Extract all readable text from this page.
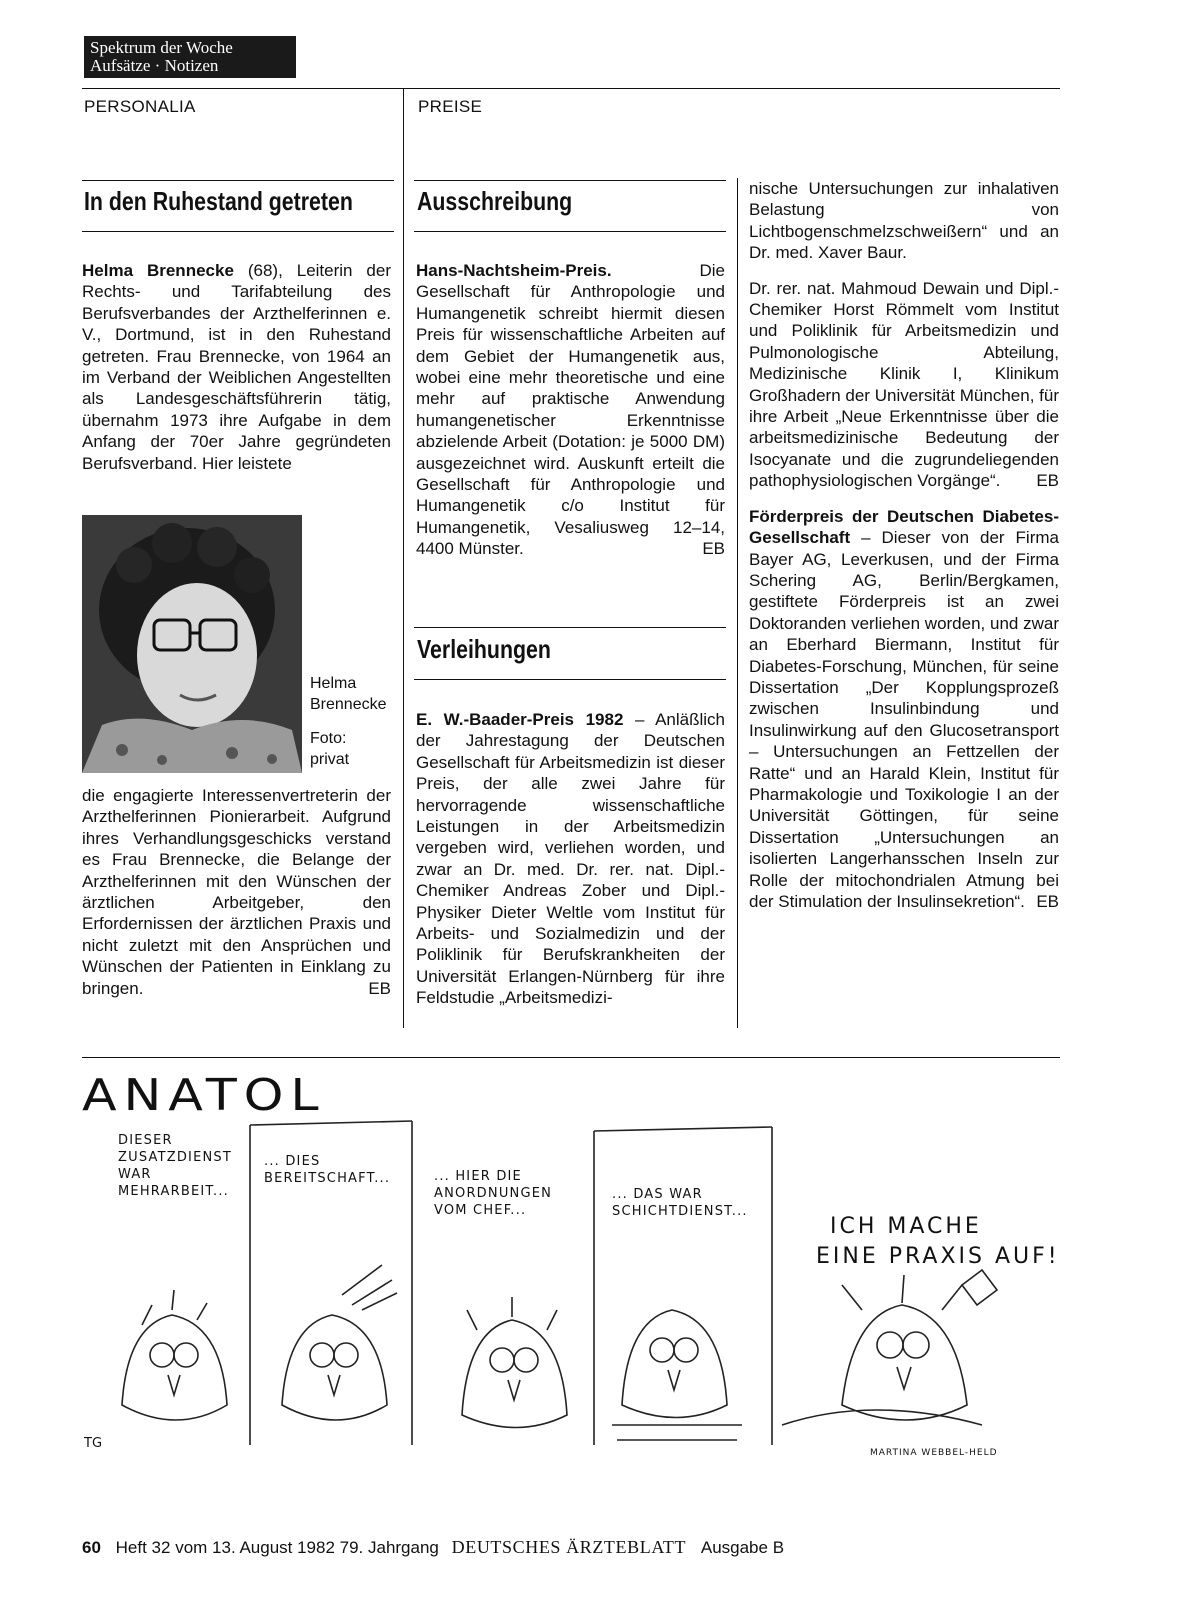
Spektrum der Woche
Aufsätze · Notizen
PERSONALIA	PREISE
In den Ruhestand getreten
Helma Brennecke (68), Leiterin der Rechts- und Tarifabteilung des Berufsverbandes der Arzthelferinnen e. V., Dortmund, ist in den Ruhestand getreten. Frau Brennecke, von 1964 an im Verband der Weiblichen Angestellten als Landesgeschäftsführerin tätig, übernahm 1973 ihre Aufgabe in dem Anfang der 70er Jahre gegründeten Berufsverband. Hier leistete
Helma
Brennecke
Foto:
privat
die engagierte Interessenvertreterin der Arzthelferinnen Pionierarbeit. Aufgrund ihres Verhandlungsgeschicks verstand es Frau Brennecke, die Belange der Arzthelferinnen mit den Wünschen der ärztlichen Arbeitgeber, den Erfordernissen der ärztlichen Praxis und nicht zuletzt mit den Ansprüchen und Wünschen der Patienten in Einklang zu bringen.	EB
Ausschreibung
Hans-Nachtsheim-Preis. Die Gesellschaft für Anthropologie und Humangenetik schreibt hiermit diesen Preis für wissenschaftliche Arbeiten auf dem Gebiet der Humangenetik aus, wobei eine mehr theoretische und eine mehr auf praktische Anwendung humangenetischer Erkenntnisse abzielende Arbeit (Dotation: je 5000 DM) ausgezeichnet wird. Auskunft erteilt die Gesellschaft für Anthropologie und Humangenetik c/o Institut für Humangenetik, Vesaliusweg 12–14, 4400 Münster.	EB
Verleihungen
E. W.-Baader-Preis 1982 – Anläßlich der Jahrestagung der Deutschen Gesellschaft für Arbeitsmedizin ist dieser Preis, der alle zwei Jahre für hervorragende wissenschaftliche Leistungen in der Arbeitsmedizin vergeben wird, verliehen worden, und zwar an Dr. med. Dr. rer. nat. Dipl.-Chemiker Andreas Zober und Dipl.-Physiker Dieter Weltle vom Institut für Arbeits- und Sozialmedizin und der Poliklinik für Berufskrankheiten der Universität Erlangen-Nürnberg für ihre Feldstudie „Arbeitsmedizi-
nische Untersuchungen zur inhalativen Belastung von Lichtbogenschmelzschweißern“ und an Dr. med. Xaver Baur.
Dr. rer. nat. Mahmoud Dewain und Dipl.-Chemiker Horst Römmelt vom Institut und Poliklinik für Arbeitsmedizin und Pulmonologische Abteilung, Medizinische Klinik I, Klinikum Großhadern der Universität München, für ihre Arbeit „Neue Erkenntnisse über die arbeitsmedizinische Bedeutung der Isocyanate und die zugrundeliegenden pathophysiologischen Vorgänge“. EB
Förderpreis der Deutschen Diabetes-Gesellschaft – Dieser von der Firma Bayer AG, Leverkusen, und der Firma Schering AG, Berlin/Bergkamen, gestiftete Förderpreis ist an zwei Doktoranden verliehen worden, und zwar an Eberhard Biermann, Institut für Diabetes-Forschung, München, für seine Dissertation „Der Kopplungsprozeß zwischen Insulinbindung und Insulinwirkung auf den Glucosetransport – Untersuchungen an Fettzellen der Ratte“ und an Harald Klein, Institut für Pharmakologie und Toxikologie I an der Universität Göttingen, für seine Dissertation „Untersuchungen an isolierten Langerhansschen Inseln zur Rolle der mitochondrialen Atmung bei der Stimulation der Insulinsekretion“. EB
ANATOL
DIESER
ZUSATZDIENST
WAR
MEHRARBEIT...
... DIES
BEREITSCHAFT...	... HIER DIE
ANORDNUNGEN
VOM CHEF...
... DAS WAR
SCHICHTDIENST...
ICH MACHE
EINE PRAXIS AUF!
TG
MARTINA WEBBEL-HELD
60 Heft 32 vom 13. August 1982 79. Jahrgang DEUTSCHES ÄRZTEBLATT Ausgabe B
